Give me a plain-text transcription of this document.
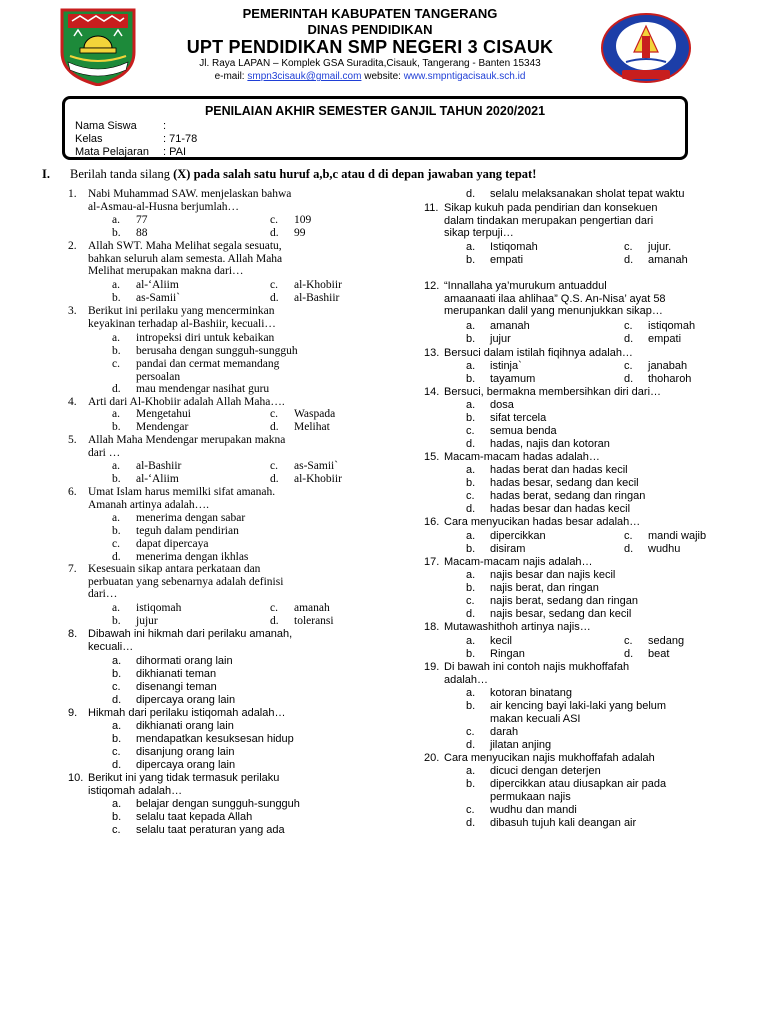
PEMERINTAH KABUPATEN TANGERANG
DINAS PENDIDIKAN
UPT PENDIDIKAN SMP NEGERI 3 CISAUK
Jl. Raya LAPAN – Komplek GSA Suradita,Cisauk, Tangerang - Banten 15343
e-mail: smpn3cisauk@gmail.com website: www.smpntigacisauk.sch.id
PENILAIAN AKHIR SEMESTER GANJIL TAHUN 2020/2021
Nama Siswa :
Kelas	: 71-78
Mata Pelajaran : PAI
I. Berilah tanda silang (X) pada salah satu huruf a,b,c atau d di depan jawaban yang tepat!
1. Nabi Muhammad SAW. menjelaskan bahwa
al-Asmau-al-Husna berjumlah…
a. 77	c. 109
b. 88	d. 99
2. Allah SWT. Maha Melihat segala sesuatu,
bahkan seluruh alam semesta. Allah Maha
Melihat merupakan makna dari…
a. al-‘Aliim	c. al-Khobiir
b. as-Samii`	d. al-Bashiir
3. Berikut ini perilaku yang mencerminkan
keyakinan terhadap al-Bashiir, kecuali…
a. intropeksi diri untuk kebaikan
b. berusaha dengan sungguh-sungguh
c. pandai dan cermat memandang
persoalan
d. mau mendengar nasihat guru
4. Arti dari Al-Khobiir adalah Allah Maha….
a. Mengetahui	c. Waspada
b. Mendengar	d. Melihat
5. Allah Maha Mendengar merupakan makna
dari …
a. al-Bashiir	c. as-Samii`
b. al-‘Aliim	d. al-Khobiir
6. Umat Islam harus memilki sifat amanah.
Amanah artinya adalah….
a. menerima dengan sabar
b. teguh dalam pendirian
c. dapat dipercaya
d. menerima dengan ikhlas
7. Kesesuain sikap antara perkataan dan
perbuatan yang sebenarnya adalah definisi
dari…
a. istiqomah	c. amanah
b. jujur	d. toleransi
8. Dibawah ini hikmah dari perilaku amanah,
kecuali…
a. dihormati orang lain
b. dikhianati teman
c. disenangi teman
d. dipercaya orang lain
9. Hikmah dari perilaku istiqomah adalah…
a. dikhianati orang lain
b. mendapatkan kesuksesan hidup
c. disanjung orang lain
d. dipercaya orang lain
10. Berikut ini yang tidak termasuk perilaku
istiqomah adalah…
a. belajar dengan sungguh-sungguh
b. selalu taat kepada Allah
c. selalu taat peraturan yang ada
d. selalu melaksanakan sholat tepat waktu
11. Sikap kukuh pada pendirian dan konsekuen
dalam tindakan merupakan pengertian dari
sikap terpuji…
a. Istiqomah	c. jujur.
b. empati	d. amanah
12. “Innallaha ya’murukum antuaddul
amaanaati ilaa ahlihaa” Q.S. An-Nisa’ ayat 58
merupankan dalil yang menunjukkan sikap…
a. amanah	c. istiqomah
b. jujur	d. empati
13. Bersuci dalam istilah fiqihnya adalah…
a. istinja`	c. janabah
b. tayamum	d. thoharoh
14. Bersuci, bermakna membersihkan diri dari…
a. dosa
b. sifat tercela
c. semua benda
d. hadas, najis dan kotoran
15. Macam-macam hadas adalah…
a. hadas berat dan hadas kecil
b. hadas besar, sedang dan kecil
c. hadas berat, sedang dan ringan
d. hadas besar dan hadas kecil
16. Cara menyucikan hadas besar adalah…
a. dipercikkan	c. mandi wajib
b. disiram	d. wudhu
17. Macam-macam najis adalah…
a. najis besar dan najis kecil
b. najis berat, dan ringan
c. najis berat, sedang dan ringan
d. najis besar, sedang dan kecil
18. Mutawashithoh artinya najis…
a. kecil	c. sedang
b. Ringan	d. beat
19. Di bawah ini contoh najis mukhoffafah
adalah…
a. kotoran binatang
b. air kencing bayi laki-laki yang belum
makan kecuali ASI
c. darah
d. jilatan anjing
20. Cara menyucikan najis mukhoffafah adalah
a. dicuci dengan deterjen
b. dipercikkan atau diusapkan air pada
permukaan najis
c. wudhu dan mandi
d. dibasuh tujuh kali deangan air
